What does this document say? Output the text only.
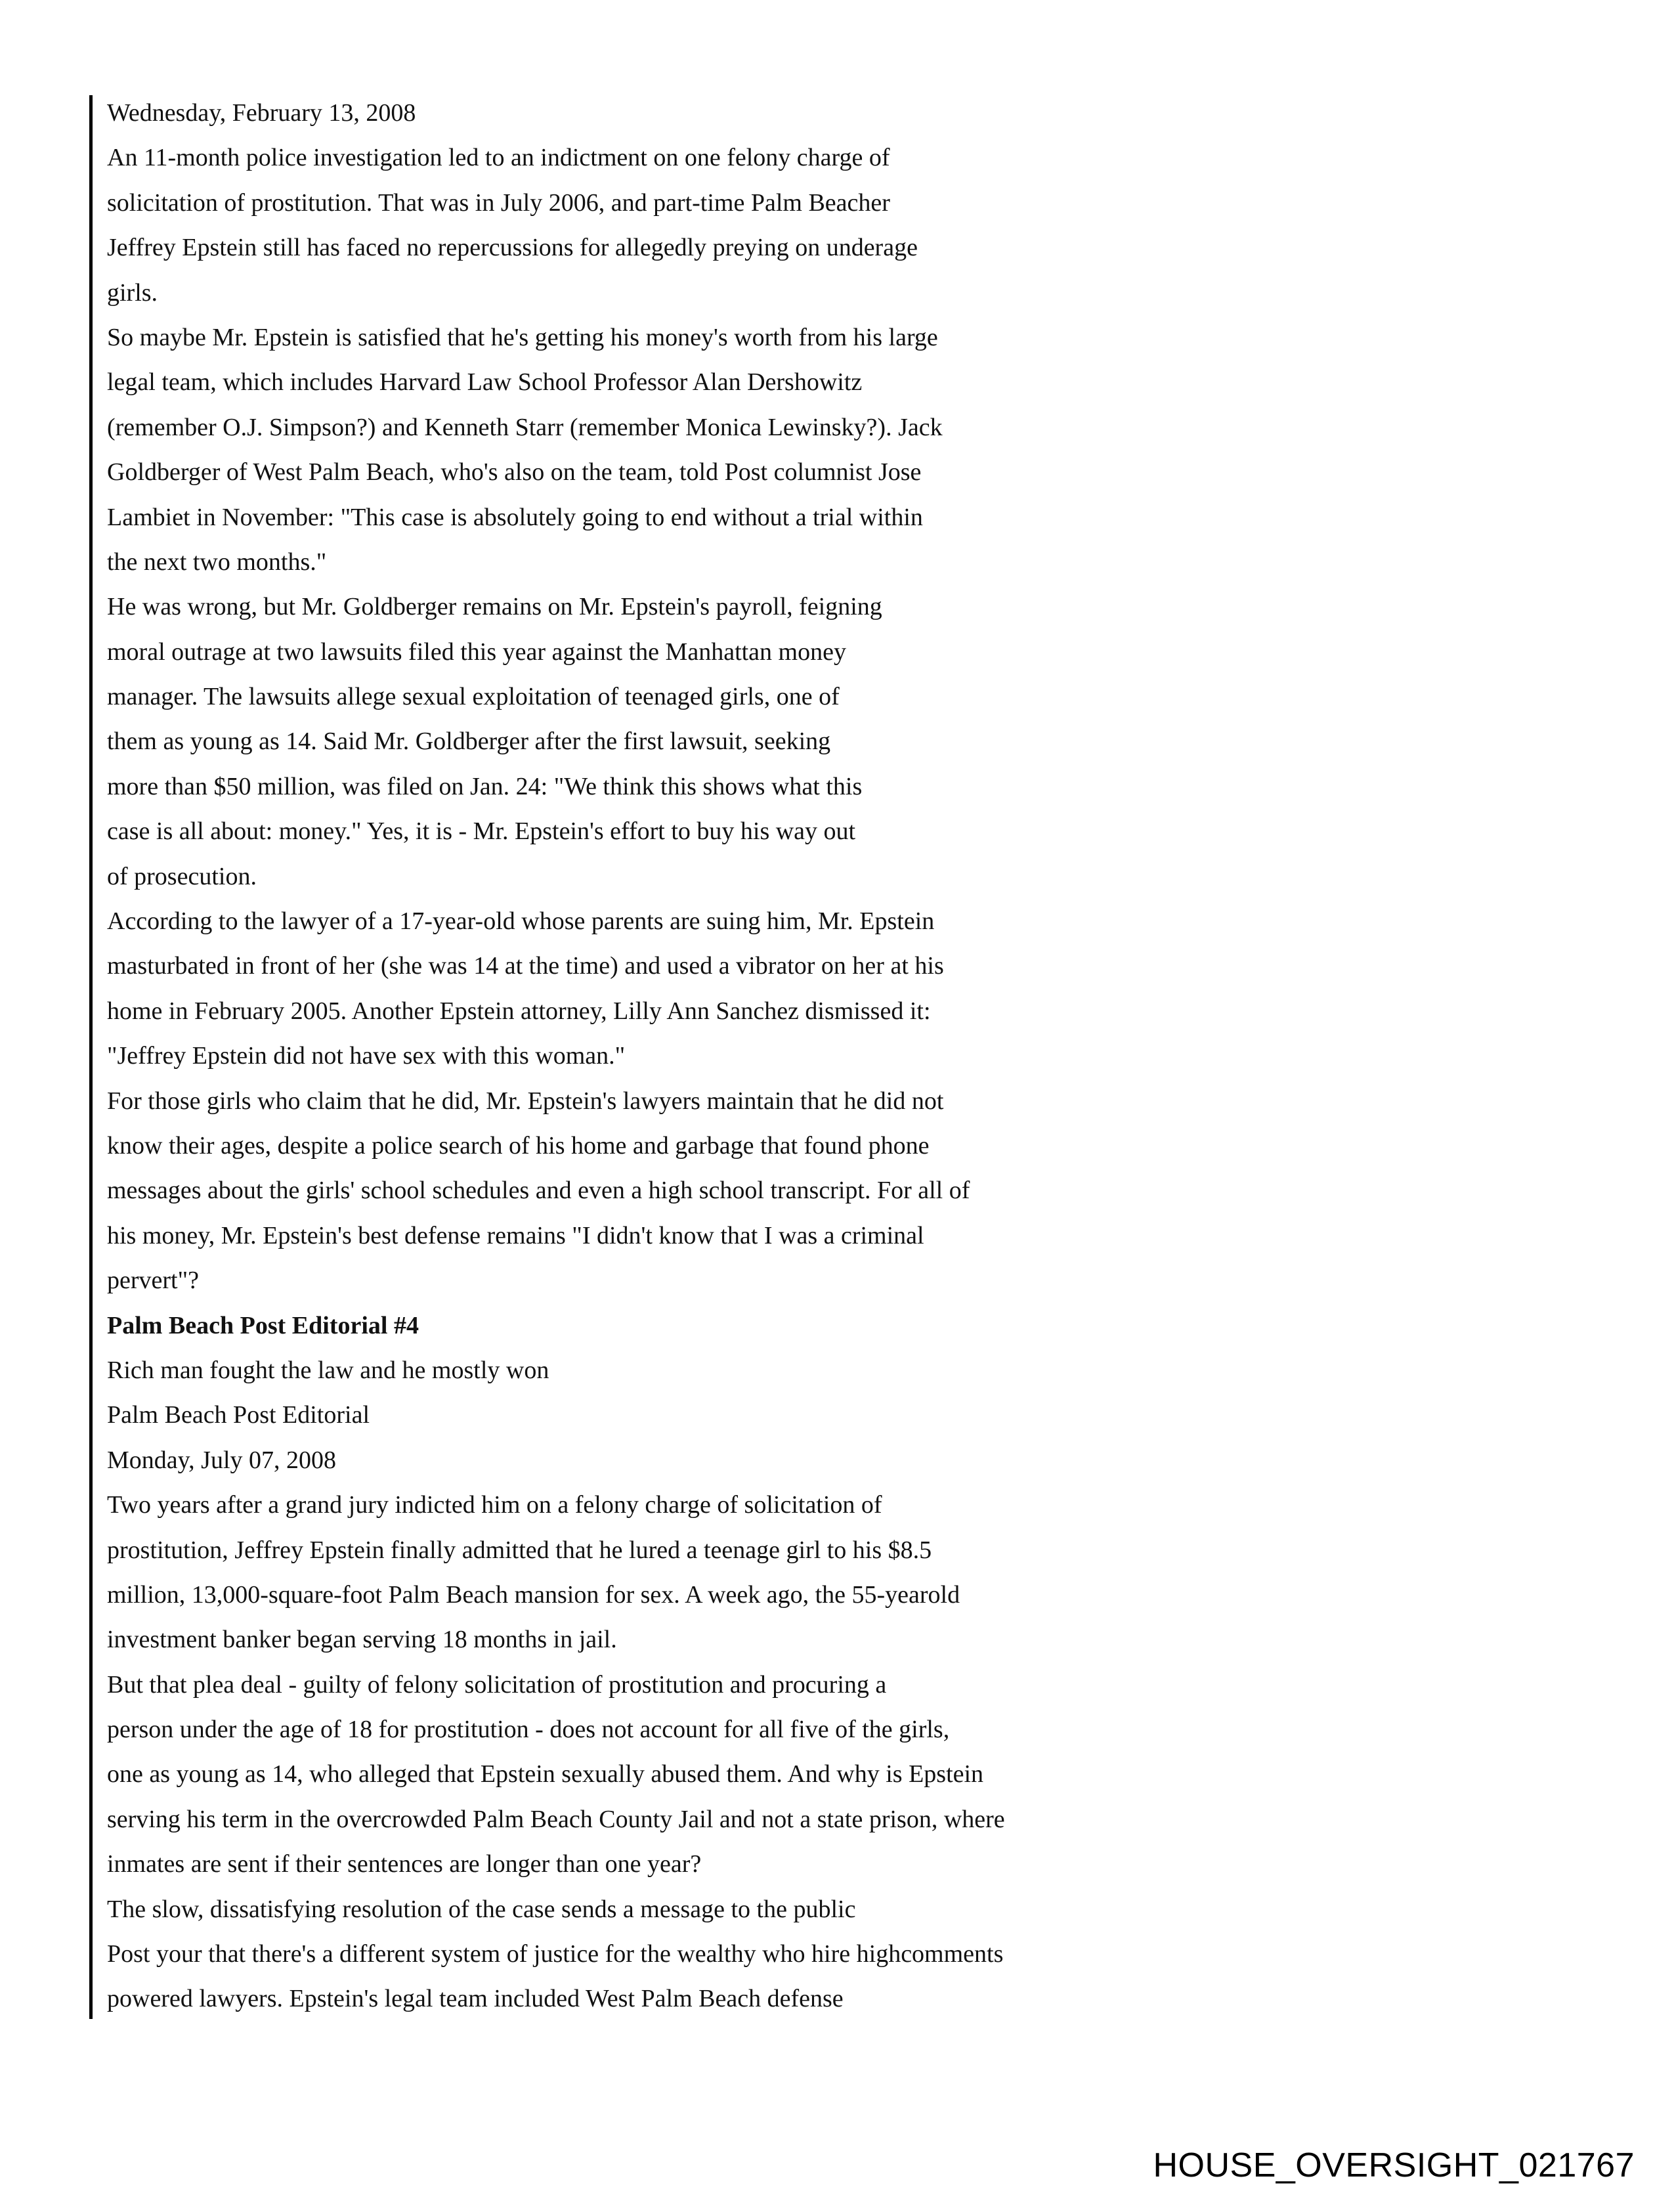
Wednesday, February 13, 2008
An 11-month police investigation led to an indictment on one felony charge of
solicitation of prostitution. That was in July 2006, and part-time Palm Beacher
Jeffrey Epstein still has faced no repercussions for allegedly preying on underage
girls.
So maybe Mr. Epstein is satisfied that he's getting his money's worth from his large
legal team, which includes Harvard Law School Professor Alan Dershowitz
(remember O.J. Simpson?) and Kenneth Starr (remember Monica Lewinsky?). Jack
Goldberger of West Palm Beach, who's also on the team, told Post columnist Jose
Lambiet in November: "This case is absolutely going to end without a trial within
the next two months."
He was wrong, but Mr. Goldberger remains on Mr. Epstein's payroll, feigning
moral outrage at two lawsuits filed this year against the Manhattan money
manager. The lawsuits allege sexual exploitation of teenaged girls, one of
them as young as 14. Said Mr. Goldberger after the first lawsuit, seeking
more than $50 million, was filed on Jan. 24: "We think this shows what this
case is all about: money." Yes, it is - Mr. Epstein's effort to buy his way out
of prosecution.
According to the lawyer of a 17-year-old whose parents are suing him, Mr. Epstein
masturbated in front of her (she was 14 at the time) and used a vibrator on her at his
home in February 2005. Another Epstein attorney, Lilly Ann Sanchez dismissed it:
"Jeffrey Epstein did not have sex with this woman."
For those girls who claim that he did, Mr. Epstein's lawyers maintain that he did not
know their ages, despite a police search of his home and garbage that found phone
messages about the girls' school schedules and even a high school transcript. For all of
his money, Mr. Epstein's best defense remains "I didn't know that I was a criminal
pervert"?
Palm Beach Post Editorial #4
Rich man fought the law and he mostly won
Palm Beach Post Editorial
Monday, July 07, 2008
Two years after a grand jury indicted him on a felony charge of solicitation of
prostitution, Jeffrey Epstein finally admitted that he lured a teenage girl to his $8.5
million, 13,000-square-foot Palm Beach mansion for sex. A week ago, the 55-yearold
investment banker began serving 18 months in jail.
But that plea deal - guilty of felony solicitation of prostitution and procuring a
person under the age of 18 for prostitution - does not account for all five of the girls,
one as young as 14, who alleged that Epstein sexually abused them. And why is Epstein
serving his term in the overcrowded Palm Beach County Jail and not a state prison, where
inmates are sent if their sentences are longer than one year?
The slow, dissatisfying resolution of the case sends a message to the public
Post your that there's a different system of justice for the wealthy who hire highcomments
powered lawyers. Epstein's legal team included West Palm Beach defense
HOUSE_OVERSIGHT_021767
